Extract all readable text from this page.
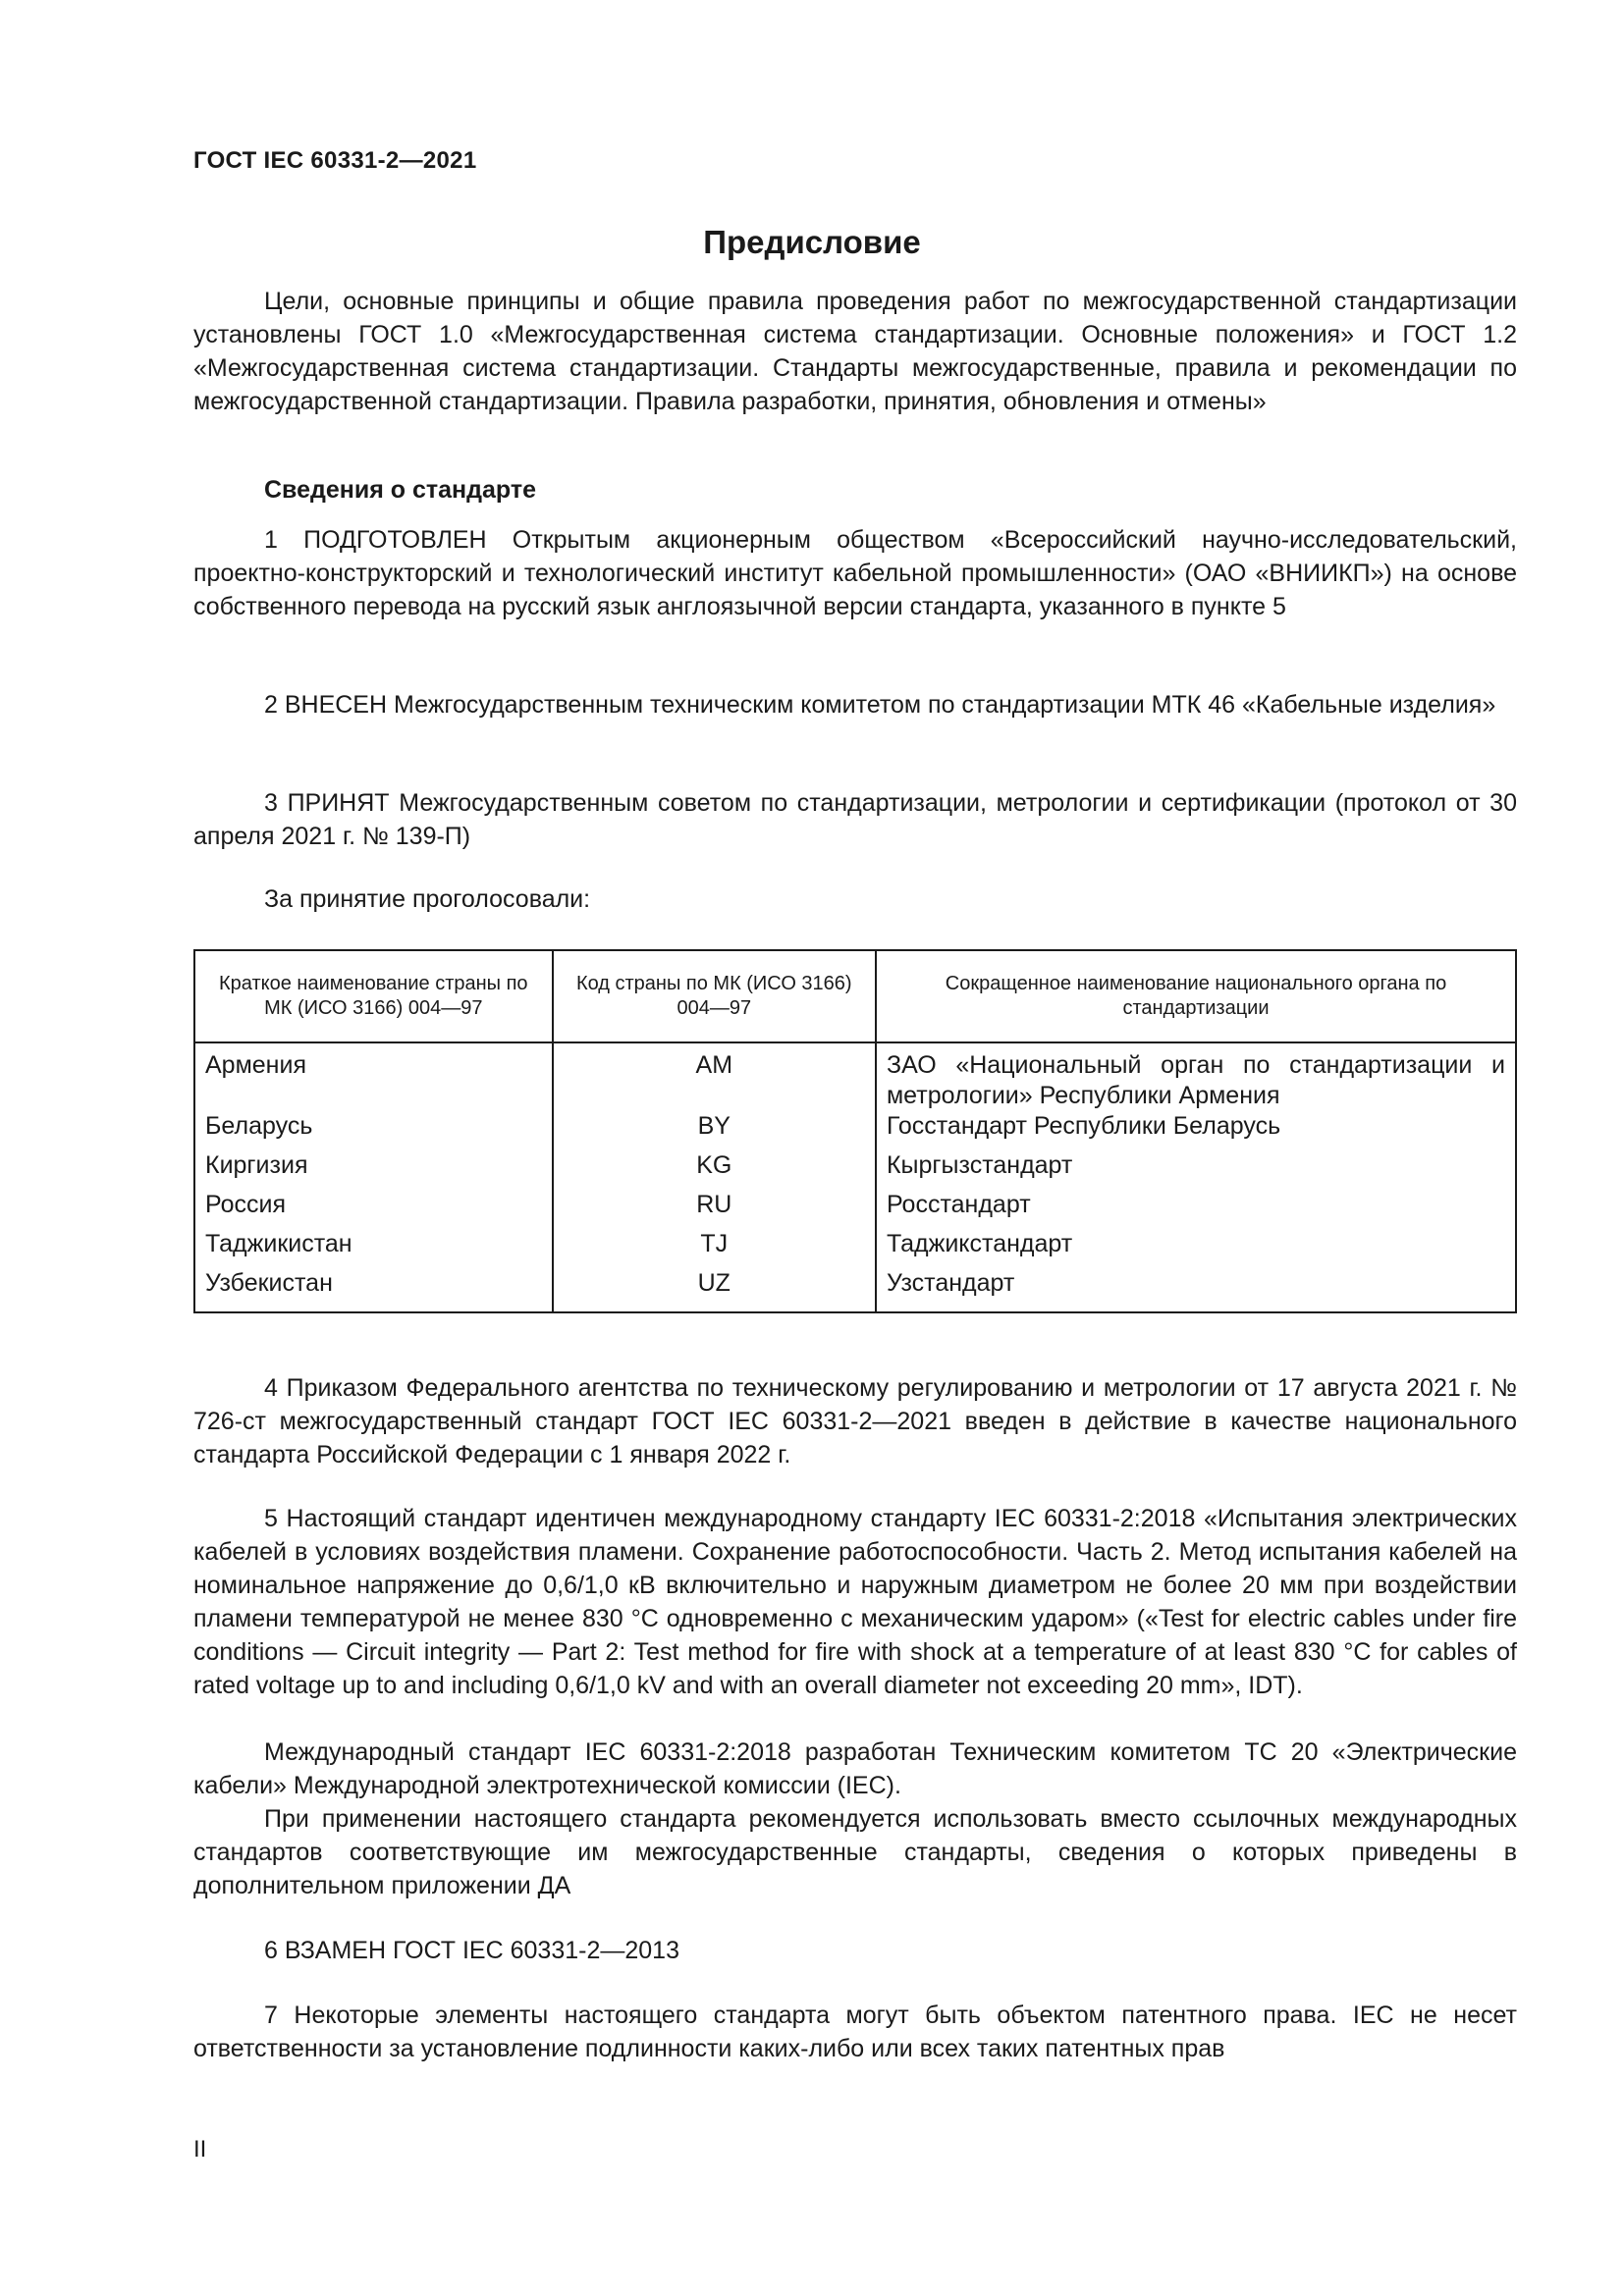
ГОСТ IEC 60331-2—2021
Предисловие
Цели, основные принципы и общие правила проведения работ по межгосударственной стандартизации установлены ГОСТ 1.0 «Межгосударственная система стандартизации. Основные положения» и ГОСТ 1.2 «Межгосударственная система стандартизации. Стандарты межгосударственные, правила и рекомендации по межгосударственной стандартизации. Правила разработки, принятия, обновления и отмены»
Сведения о стандарте
1 ПОДГОТОВЛЕН Открытым акционерным обществом «Всероссийский научно-исследовательский, проектно-конструкторский и технологический институт кабельной промышленности» (ОАО «ВНИИКП») на основе собственного перевода на русский язык англоязычной версии стандарта, указанного в пункте 5
2 ВНЕСЕН Межгосударственным техническим комитетом по стандартизации МТК 46 «Кабельные изделия»
3 ПРИНЯТ Межгосударственным советом по стандартизации, метрологии и сертификации (протокол от 30 апреля 2021 г. № 139-П)
За принятие проголосовали:
Краткое наименование страны по МК (ИСО 3166) 004—97	Код страны по МК (ИСО 3166) 004—97	Сокращенное наименование национального органа по стандартизации
Армения	AM	ЗАО «Национальный орган по стандартизации и метрологии» Республики Армения
Беларусь	BY	Госстандарт Республики Беларусь
Киргизия	KG	Кыргызстандарт
Россия	RU	Росстандарт
Таджикистан	TJ	Таджикстандарт
Узбекистан	UZ	Узстандарт
4 Приказом Федерального агентства по техническому регулированию и метрологии от 17 августа 2021 г. № 726-ст межгосударственный стандарт ГОСТ IEC 60331-2—2021 введен в действие в качестве национального стандарта Российской Федерации с 1 января 2022 г.
5 Настоящий стандарт идентичен международному стандарту IEC 60331-2:2018 «Испытания электрических кабелей в условиях воздействия пламени. Сохранение работоспособности. Часть 2. Метод испытания кабелей на номинальное напряжение до 0,6/1,0 кВ включительно и наружным диаметром не более 20 мм при воздействии пламени температурой не менее 830 °С одновременно с механическим ударом» («Test for electric cables under fire conditions — Circuit integrity — Part 2: Test method for fire with shock at a temperature of at least 830 °C for cables of rated voltage up to and including 0,6/1,0 kV and with an overall diameter not exceeding 20 mm», IDT).
Международный стандарт IEC 60331-2:2018 разработан Техническим комитетом ТС 20 «Электрические кабели» Международной электротехнической комиссии (IEC).
При применении настоящего стандарта рекомендуется использовать вместо ссылочных международных стандартов соответствующие им межгосударственные стандарты, сведения о которых приведены в дополнительном приложении ДА
6 ВЗАМЕН ГОСТ IEC 60331-2—2013
7 Некоторые элементы настоящего стандарта могут быть объектом патентного права. IEC не несет ответственности за установление подлинности каких-либо или всех таких патентных прав
II
